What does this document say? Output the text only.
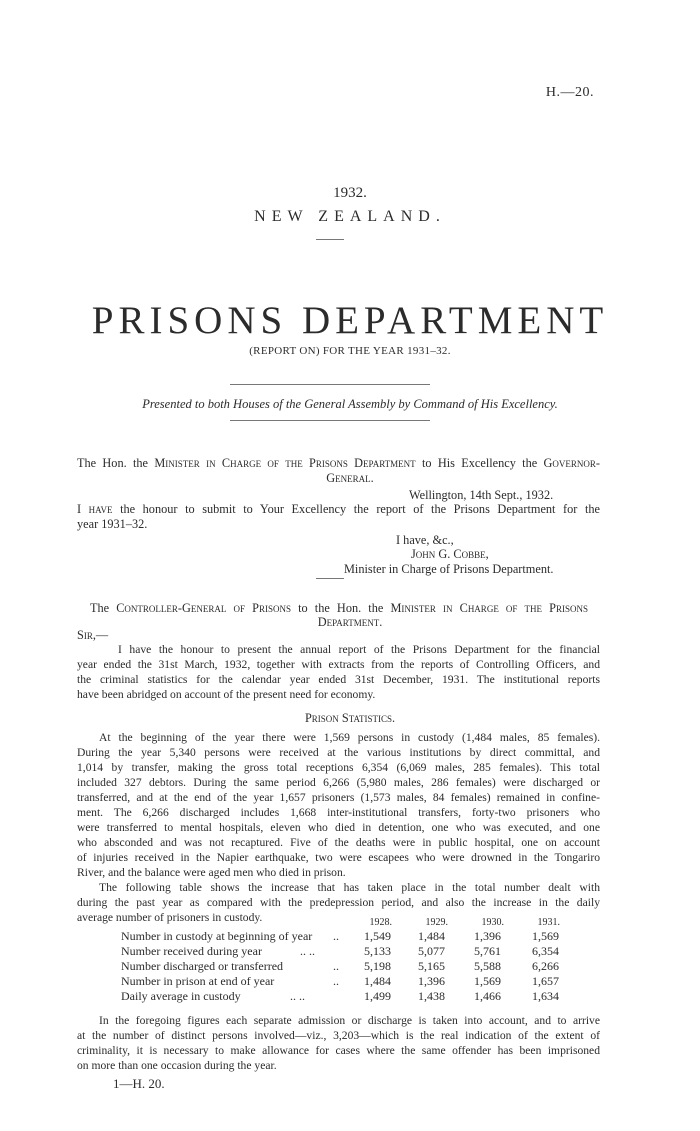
H.—20.
1932.
NEW ZEALAND.
PRISONS DEPARTMENT
(REPORT ON) FOR THE YEAR 1931–32.
Presented to both Houses of the General Assembly by Command of His Excellency.
The Hon. the Minister in Charge of the Prisons Department to His Excellency the Governor-
General.
Wellington, 14th Sept., 1932.
I have the honour to submit to Your Excellency the report of the Prisons Department for the
year 1931–32.
I have, &c.,
John G. Cobbe,
Minister in Charge of Prisons Department.
The Controller-General of Prisons to the Hon. the Minister in Charge of the Prisons
Department.
Sir,—
I have the honour to present the annual report of the Prisons Department for the financial
year ended the 31st March, 1932, together with extracts from the reports of Controlling Officers, and
the criminal statistics for the calendar year ended 31st December, 1931. The institutional reports
have been abridged on account of the present need for economy.
Prison Statistics.
At the beginning of the year there were 1,569 persons in custody (1,484 males, 85 females).
During the year 5,340 persons were received at the various institutions by direct committal, and
1,014 by transfer, making the gross total receptions 6,354 (6,069 males, 285 females). This total
included 327 debtors. During the same period 6,266 (5,980 males, 286 females) were discharged or
transferred, and at the end of the year 1,657 prisoners (1,573 males, 84 females) remained in confine-
ment. The 6,266 discharged includes 1,668 inter-institutional transfers, forty-two prisoners who
were transferred to mental hospitals, eleven who died in detention, one who was executed, and one
who absconded and was not recaptured. Five of the deaths were in public hospital, one on account
of injuries received in the Napier earthquake, two were escapees who were drowned in the Tongariro
River, and the balance were aged men who died in prison.
The following table shows the increase that has taken place in the total number dealt with
during the past year as compared with the predepression period, and also the increase in the daily
average number of prisoners in custody.	1928.	1929.	1930.	1931.
Number in custody at beginning of year ..	1,549	1,484	1,396	1,569
Number received during year	.. ..	5,133	5,077	5,761	6,354
Number discharged or transferred	..	5,198	5,165	5,588	6,266
Number in prison at end of year	..	1,484	1,396	1,569	1,657
Daily average in custody	.. ..	1,499	1,438	1,466	1,634
In the foregoing figures each separate admission or discharge is taken into account, and to arrive
at the number of distinct persons involved—viz., 3,203—which is the real indication of the extent of
criminality, it is necessary to make allowance for cases where the same offender has been imprisoned
on more than one occasion during the year.
1—H. 20.
